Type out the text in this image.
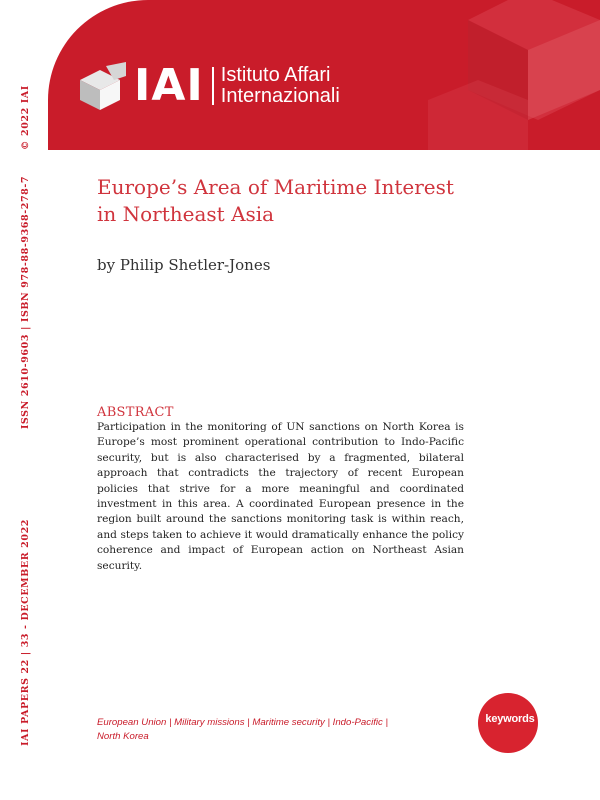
IAI Istituto Affari
Internazionali
IAI PAPERS 22 | 33 - DECEMBER 2022  ISSN 2610-9603 | ISBN 978-88-9368-278-7  © 2022 IAI
Europe’s Area of Maritime Interest
in Northeast Asia

by Philip Shetler-Jones

ABSTRACT

Participation in the monitoring of UN sanctions on North Korea is Europe’s most prominent operational contribution to Indo-Pacific security, but is also characterised by a fragmented, bilateral approach that contradicts the trajectory of recent European policies that strive for a more meaningful and coordinated investment in this area. A coordinated European presence in the region built around the sanctions monitoring task is within reach, and steps taken to achieve it would dramatically enhance the policy coherence and impact of European action on Northeast Asian security.

European Union | Military missions | Maritime security | Indo-Pacific |
North Korea

keywords
